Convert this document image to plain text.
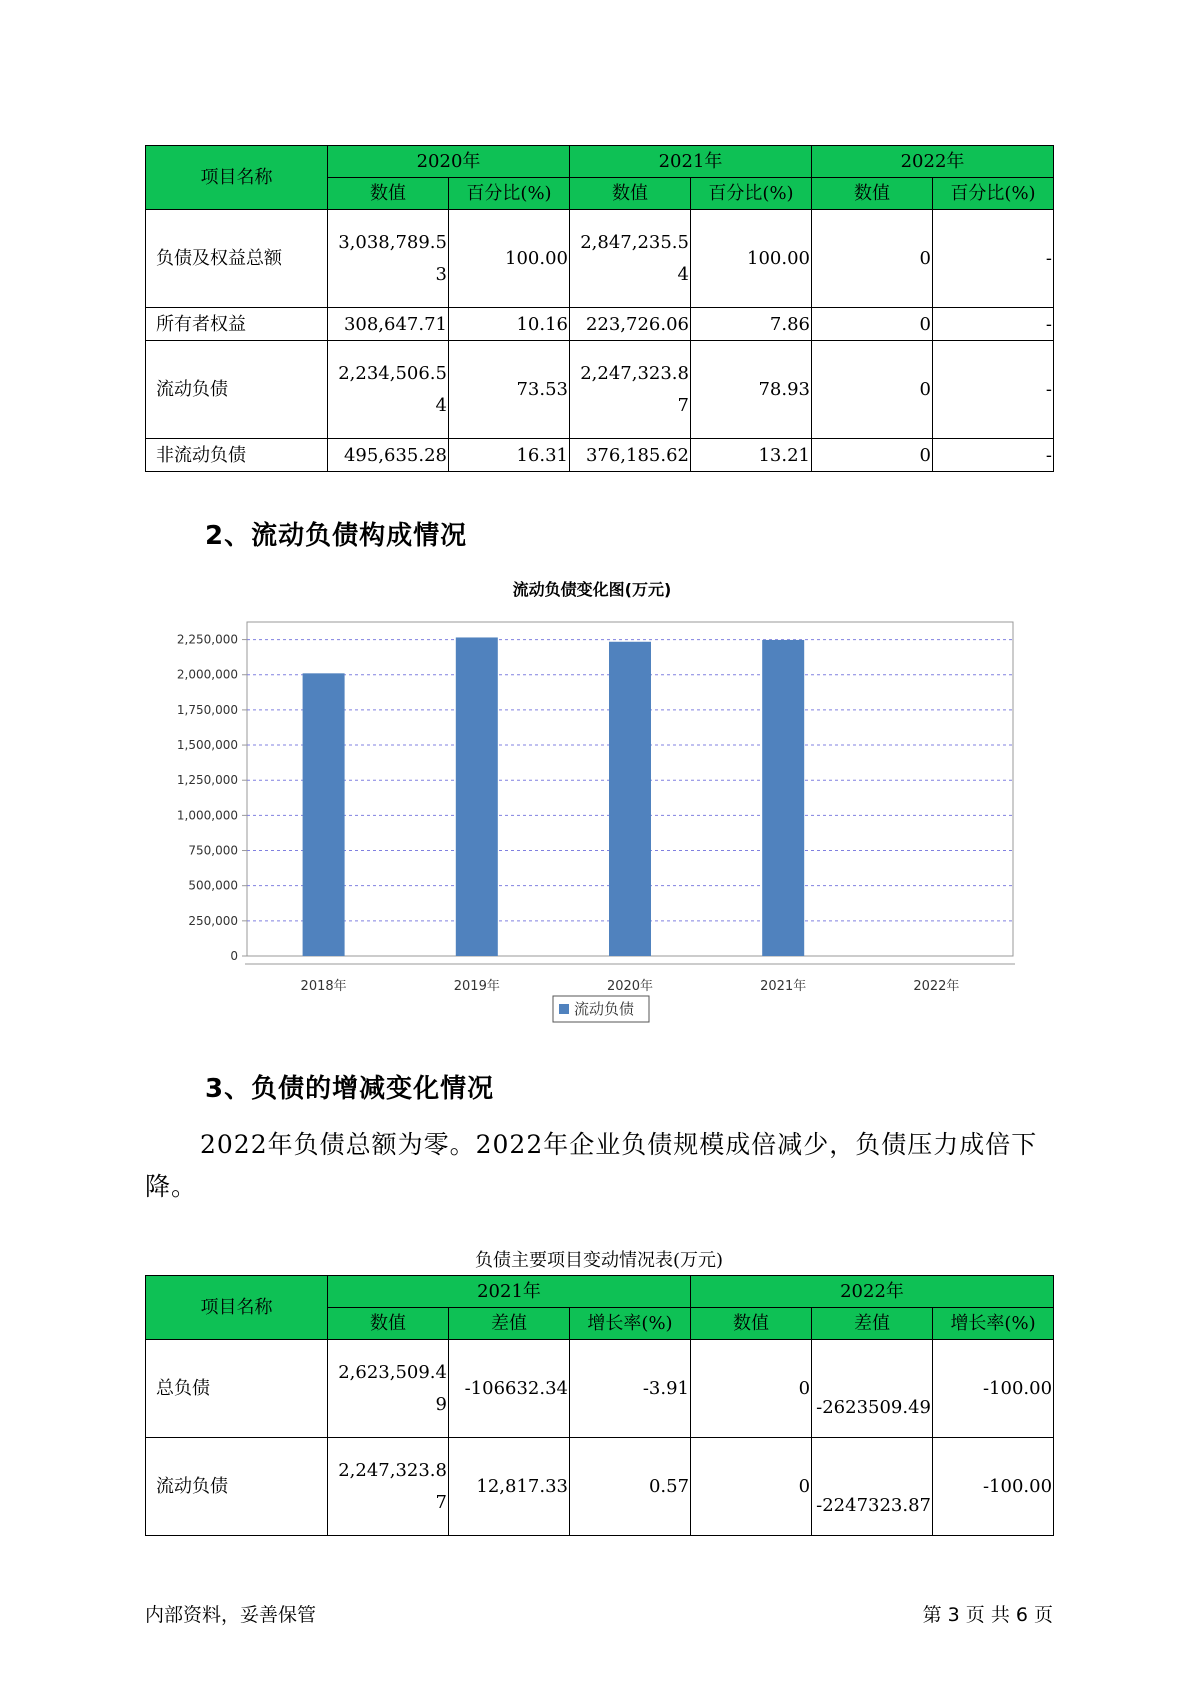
项目名称	2020年		2021年		2022年	
	数值	百分比(%)	数值	百分比(%)	数值	百分比(%)
负债及权益总额	3,038,789.53	100.00	2,847,235.54	100.00	0	-
所有者权益	308,647.71	10.16	223,726.06	7.86	0	-
流动负债	2,234,506.54	73.53	2,247,323.87	78.93	0	-
非流动负债	495,635.28	16.31	376,185.62	13.21	0	-
2、流动负债构成情况
流动负债变化图(万元)
0
250,000
500,000
750,000
1,000,000
1,250,000
1,500,000
1,750,000
2,000,000
2,250,000
2018年	2019年	2020年	2021年	2022年
流动负债
3、负债的增减变化情况

2022年负债总额为零。2022年企业负债规模成倍减少，负债压力成倍下降。

负债主要项目变动情况表(万元)
项目名称	2021年			2022年		
	数值	差值	增长率(%)	数值	差值	增长率(%)
总负债	2,623,509.49	-106632.34	-3.91	0	-2623509.49	-100.00
流动负债	2,247,323.87	12,817.33	0.57	0	-2247323.87	-100.00
内部资料，妥善保管	第 3 页 共 6 页
